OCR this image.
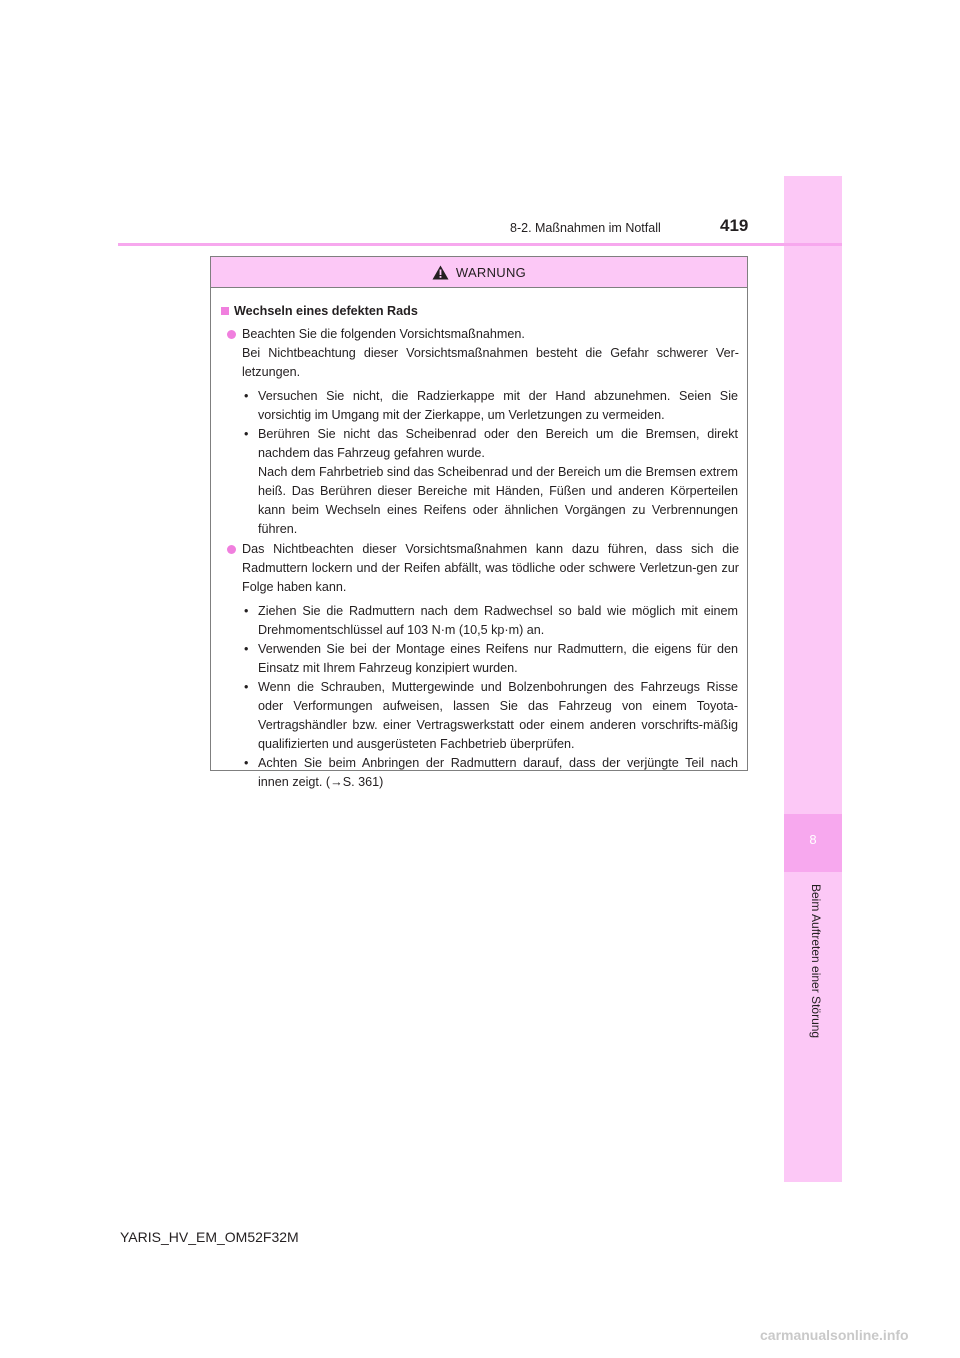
8
Beim Auftreten einer Störung
8-2. Maßnahmen im Notfall	419
WARNUNG
Wechseln eines defekten Rads
Beachten Sie die folgenden Vorsichtsmaßnahmen.
Bei Nichtbeachtung dieser Vorsichtsmaßnahmen besteht die Gefahr schwerer Ver-letzungen.
• Versuchen Sie nicht, die Radzierkappe mit der Hand abzunehmen. Seien Sie vorsichtig im Umgang mit der Zierkappe, um Verletzungen zu vermeiden.
• Berühren Sie nicht das Scheibenrad oder den Bereich um die Bremsen, direkt nachdem das Fahrzeug gefahren wurde.
Nach dem Fahrbetrieb sind das Scheibenrad und der Bereich um die Bremsen extrem heiß. Das Berühren dieser Bereiche mit Händen, Füßen und anderen Körperteilen kann beim Wechseln eines Reifens oder ähnlichen Vorgängen zu Verbrennungen führen.
Das Nichtbeachten dieser Vorsichtsmaßnahmen kann dazu führen, dass sich die Radmuttern lockern und der Reifen abfällt, was tödliche oder schwere Verletzun-gen zur Folge haben kann.
• Ziehen Sie die Radmuttern nach dem Radwechsel so bald wie möglich mit einem Drehmomentschlüssel auf 103 N·m (10,5 kp·m) an.
• Verwenden Sie bei der Montage eines Reifens nur Radmuttern, die eigens für den Einsatz mit Ihrem Fahrzeug konzipiert wurden.
• Wenn die Schrauben, Muttergewinde und Bolzenbohrungen des Fahrzeugs Risse oder Verformungen aufweisen, lassen Sie das Fahrzeug von einem Toyota-Vertragshändler bzw. einer Vertragswerkstatt oder einem anderen vorschrifts-mäßig qualifizierten und ausgerüsteten Fachbetrieb überprüfen.
• Achten Sie beim Anbringen der Radmuttern darauf, dass der verjüngte Teil nach innen zeigt. (→S. 361)
YARIS_HV_EM_OM52F32M
carmanualsonline.info
